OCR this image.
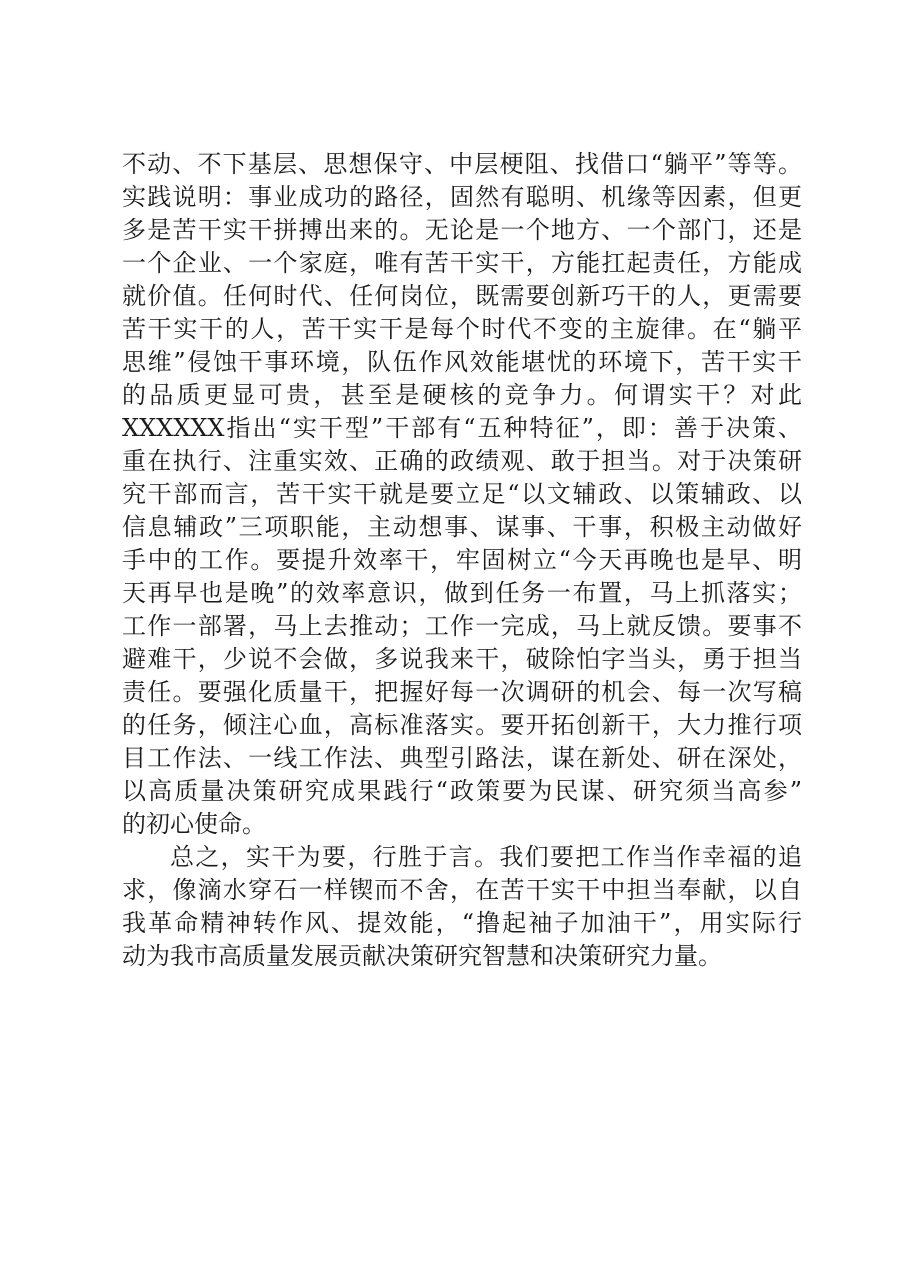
不动、不下基层、思想保守、中层梗阻、找借口“躺平”等等。
实践说明：事业成功的路径，固然有聪明、机缘等因素，但更
多是苦干实干拼搏出来的。无论是一个地方、一个部门，还是
一个企业、一个家庭，唯有苦干实干，方能扛起责任，方能成
就价值。任何时代、任何岗位，既需要创新巧干的人，更需要
苦干实干的人，苦干实干是每个时代不变的主旋律。在“躺平
思维”侵蚀干事环境，队伍作风效能堪忧的环境下，苦干实干
的品质更显可贵，甚至是硬核的竞争力。何谓实干？对此
XXXXXX指出“实干型”干部有“五种特征”，即：善于决策、
重在执行、注重实效、正确的政绩观、敢于担当。对于决策研
究干部而言，苦干实干就是要立足“以文辅政、以策辅政、以
信息辅政”三项职能，主动想事、谋事、干事，积极主动做好
手中的工作。要提升效率干，牢固树立“今天再晚也是早、明
天再早也是晚”的效率意识，做到任务一布置，马上抓落实；
工作一部署，马上去推动；工作一完成，马上就反馈。要事不
避难干，少说不会做，多说我来干，破除怕字当头，勇于担当
责任。要强化质量干，把握好每一次调研的机会、每一次写稿
的任务，倾注心血，高标准落实。要开拓创新干，大力推行项
目工作法、一线工作法、典型引路法，谋在新处、研在深处，
以高质量决策研究成果践行“政策要为民谋、研究须当高参”
的初心使命。
总之，实干为要，行胜于言。我们要把工作当作幸福的追
求，像滴水穿石一样锲而不舍，在苦干实干中担当奉献，以自
我革命精神转作风、提效能，“撸起袖子加油干”，用实际行
动为我市高质量发展贡献决策研究智慧和决策研究力量。
